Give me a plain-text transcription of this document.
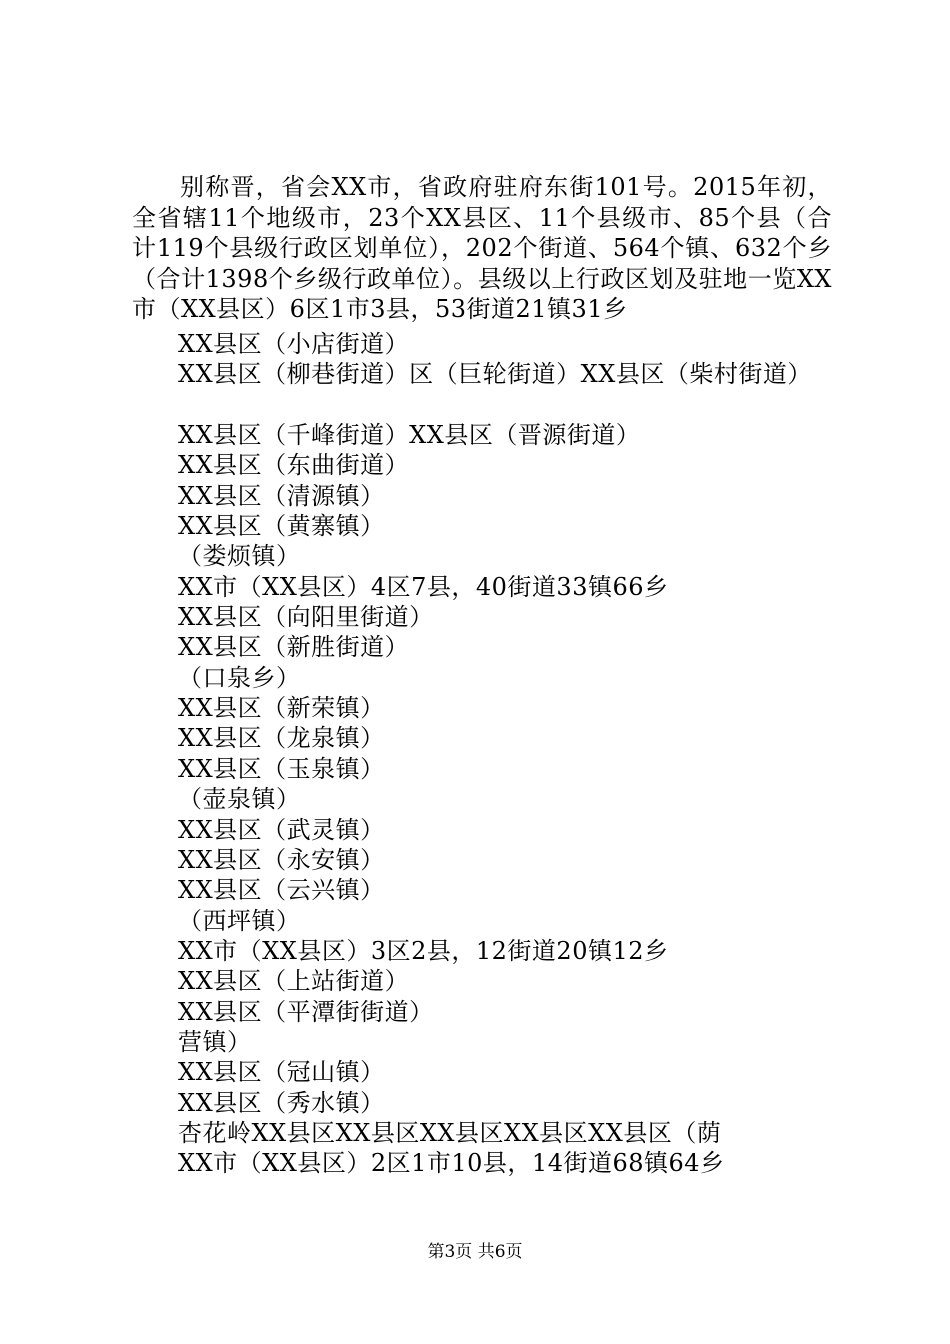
别称晋，省会XX市，省政府驻府东街101号。2015年初，全省辖11个地级市，23个XX县区、11个县级市、85个县（合计119个县级行政区划单位），202个街道、564个镇、632个乡（合计1398个乡级行政单位）。县级以上行政区划及驻地一览XX市（XX县区）6区1市3县，53街道21镇31乡

XX县区（小店街道）
XX县区（柳巷街道）区（巨轮街道）XX县区（柴村街道）
XX县区（千峰街道）XX县区（晋源街道）
XX县区（东曲街道）
XX县区（清源镇）
XX县区（黄寨镇）
（娄烦镇）
XX市（XX县区）4区7县，40街道33镇66乡
XX县区（向阳里街道）
XX县区（新胜街道）
（口泉乡）
XX县区（新荣镇）
XX县区（龙泉镇）
XX县区（玉泉镇）
（壶泉镇）
XX县区（武灵镇）
XX县区（永安镇）
XX县区（云兴镇）
（西坪镇）
XX市（XX县区）3区2县，12街道20镇12乡
XX县区（上站街道）
XX县区（平潭街街道）
营镇）
XX县区（冠山镇）
XX县区（秀水镇）
杏花岭XX县区XX县区XX县区XX县区XX县区（荫
XX市（XX县区）2区1市10县，14街道68镇64乡
第3页 共6页
